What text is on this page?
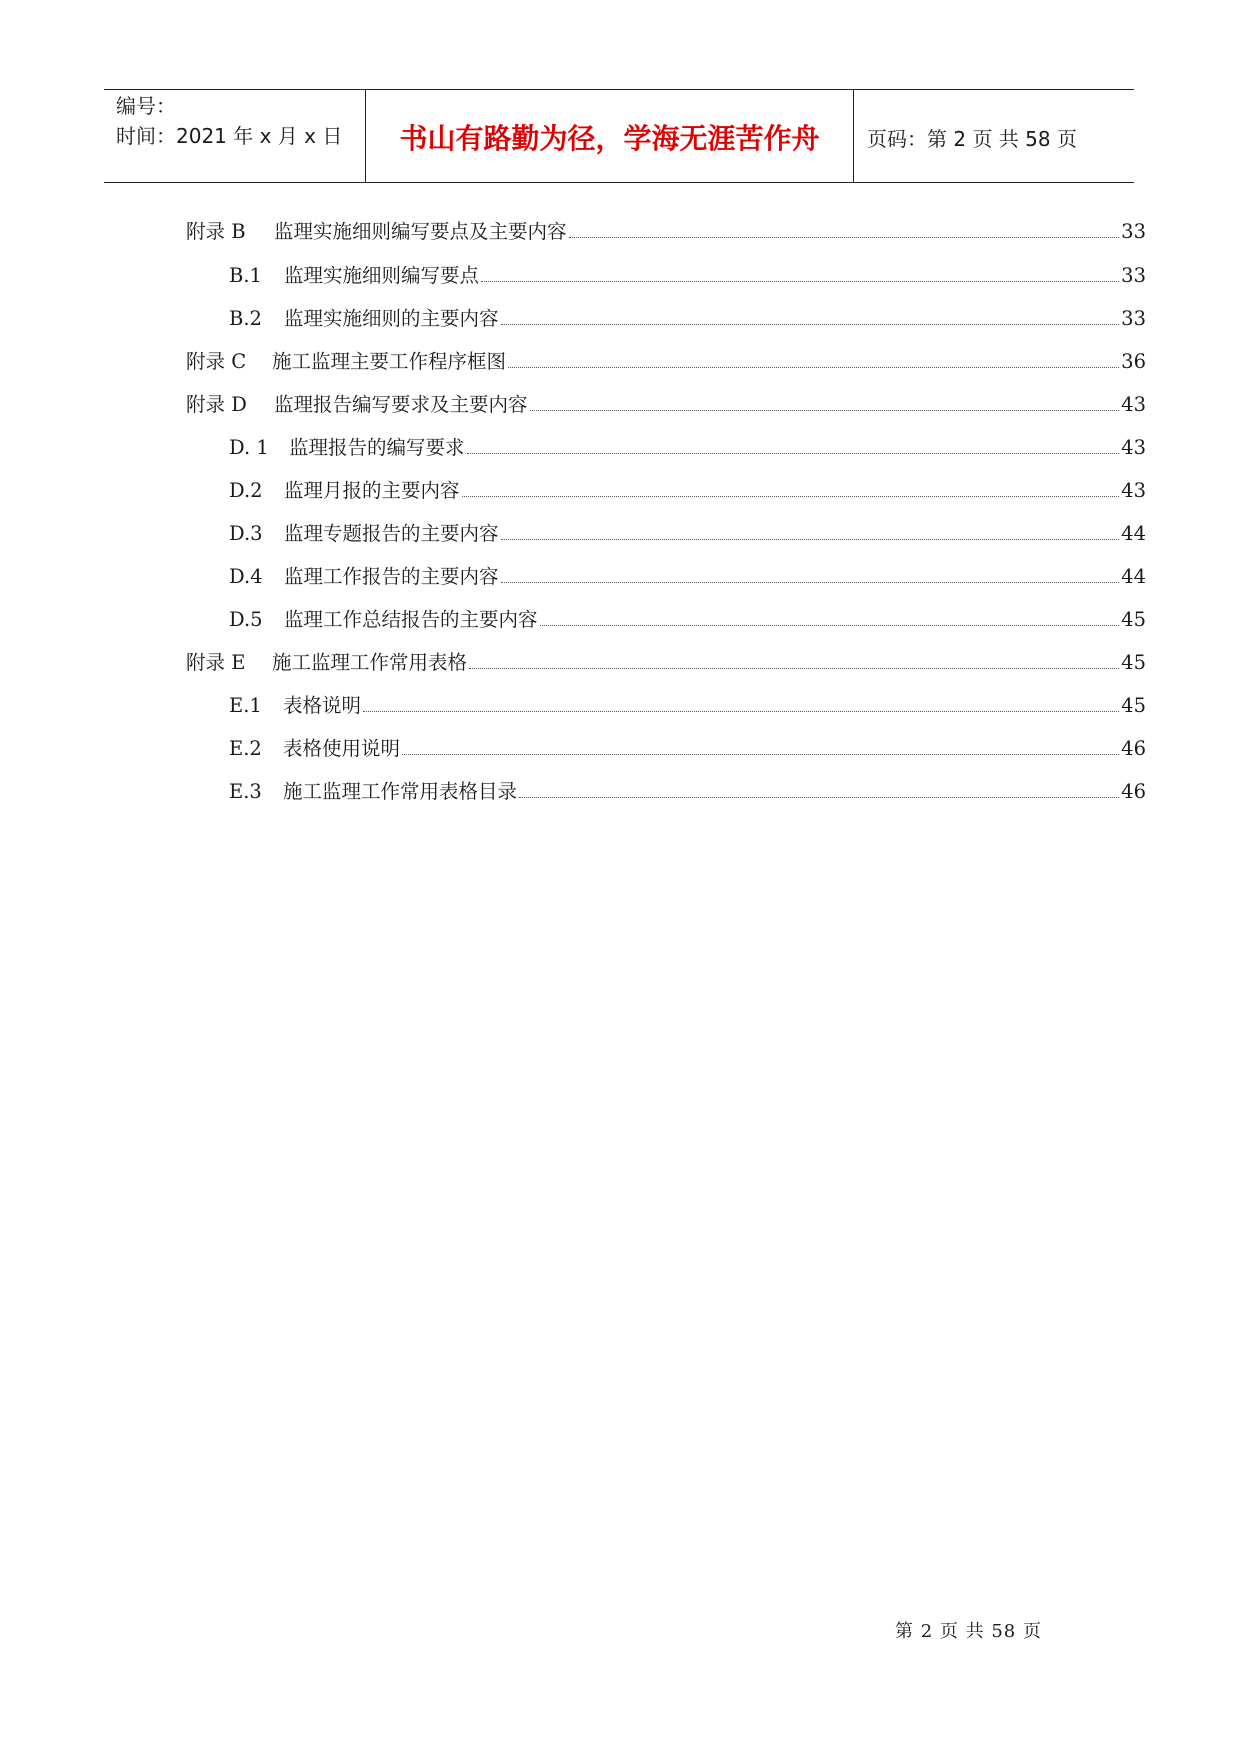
编号：
时间：2021 年 x 月 x 日	书山有路勤为径，学海无涯苦作舟 页码：第 2 页 共 58 页
附录 B	监理实施细则编写要点及主要内容	33
B.1	监理实施细则编写要点	33
B.2	监理实施细则的主要内容	33
附录 C	施工监理主要工作程序框图	36
附录 D	监理报告编写要求及主要内容	43
D. 1	监理报告的编写要求	43
D.2	监理月报的主要内容	43
D.3	监理专题报告的主要内容	44
D.4	监理工作报告的主要内容	44
D.5	监理工作总结报告的主要内容	45
附录 E	施工监理工作常用表格	45
E.1	表格说明	45
E.2	表格使用说明	46
E.3	施工监理工作常用表格目录	46
第 2 页 共 58 页
